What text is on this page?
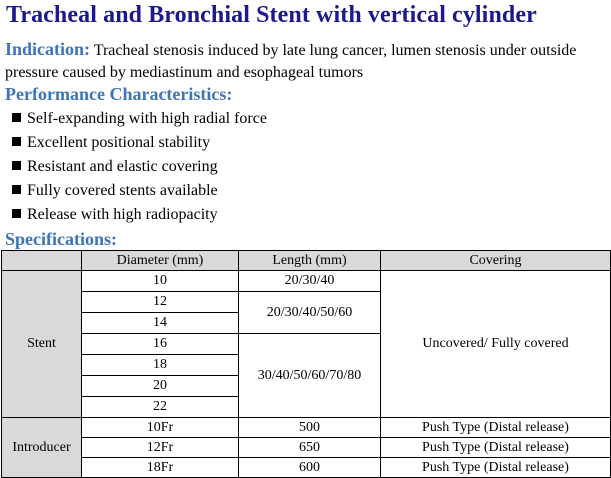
Tracheal and Bronchial Stent with vertical cylinder
Indication: Tracheal stenosis induced by late lung cancer, lumen stenosis under outside pressure caused by mediastinum and esophageal tumors
Performance Characteristics:
Self-expanding with high radial force
Excellent positional stability
Resistant and elastic covering
Fully covered stents available
Release with high radiopacity
Specifications:
	Diameter (mm)	Length (mm)	Covering
Stent	10	20/30/40	Uncovered/ Fully covered
	12	20/30/40/50/60	
	14		
	16	30/40/50/60/70/80	
	18		
	20		
	22		
Introducer	10Fr	500	Push Type (Distal release)
	12Fr	650	Push Type (Distal release)
	18Fr	600	Push Type (Distal release)
